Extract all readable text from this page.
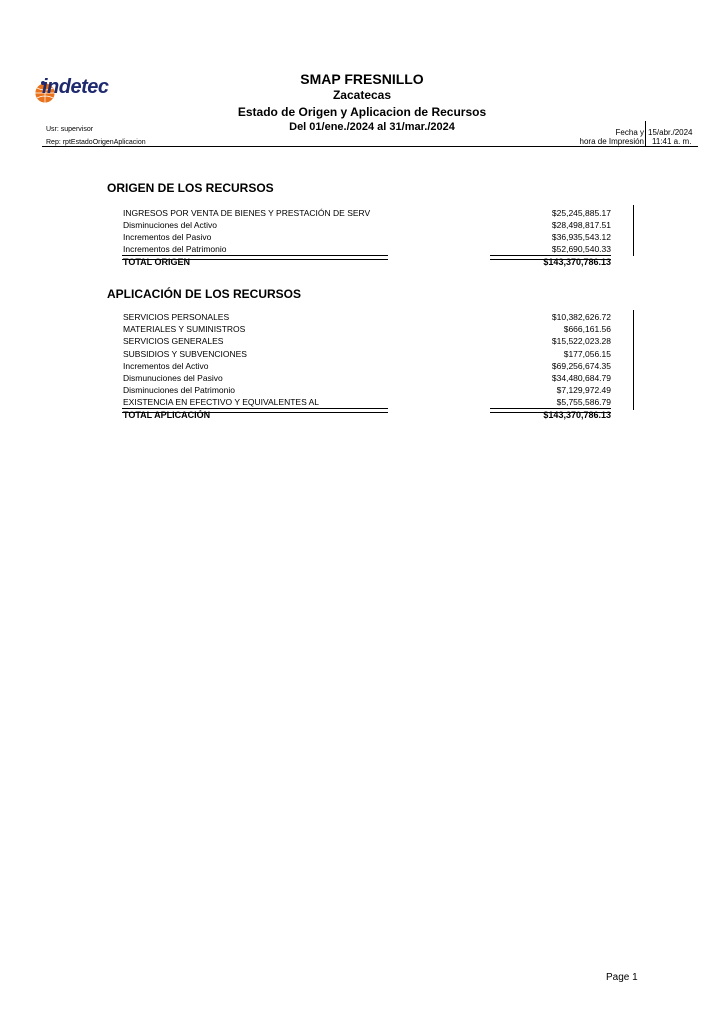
indetec	SMAP FRESNILLO
Zacatecas
Estado de Origen y Aplicacion de Recursos
Del 01/ene./2024 al 31/mar./2024
Usr: supervisor
Rep: rptEstadoOrigenAplicacion
Fecha y
hora de Impresión
15/abr./2024
11:41 a. m.
ORIGEN DE LOS RECURSOS
INGRESOS POR VENTA DE BIENES Y PRESTACIÓN DE SERV	$25,245,885.17
Disminuciones del Activo	$28,498,817.51
Incrementos del Pasivo	$36,935,543.12
Incrementos del Patrimonio	$52,690,540.33
TOTAL ORIGEN	$143,370,786.13
APLICACIÓN DE LOS RECURSOS
SERVICIOS PERSONALES	$10,382,626.72
MATERIALES Y SUMINISTROS	$666,161.56
SERVICIOS GENERALES	$15,522,023.28
SUBSIDIOS Y SUBVENCIONES	$177,056.15
Incrementos del Activo	$69,256,674.35
Dismunuciones del Pasivo	$34,480,684.79
Disminuciones del Patrimonio	$7,129,972.49
EXISTENCIA EN EFECTIVO Y EQUIVALENTES AL	$5,755,586.79
TOTAL APLICACIÓN	$143,370,786.13
Page 1
